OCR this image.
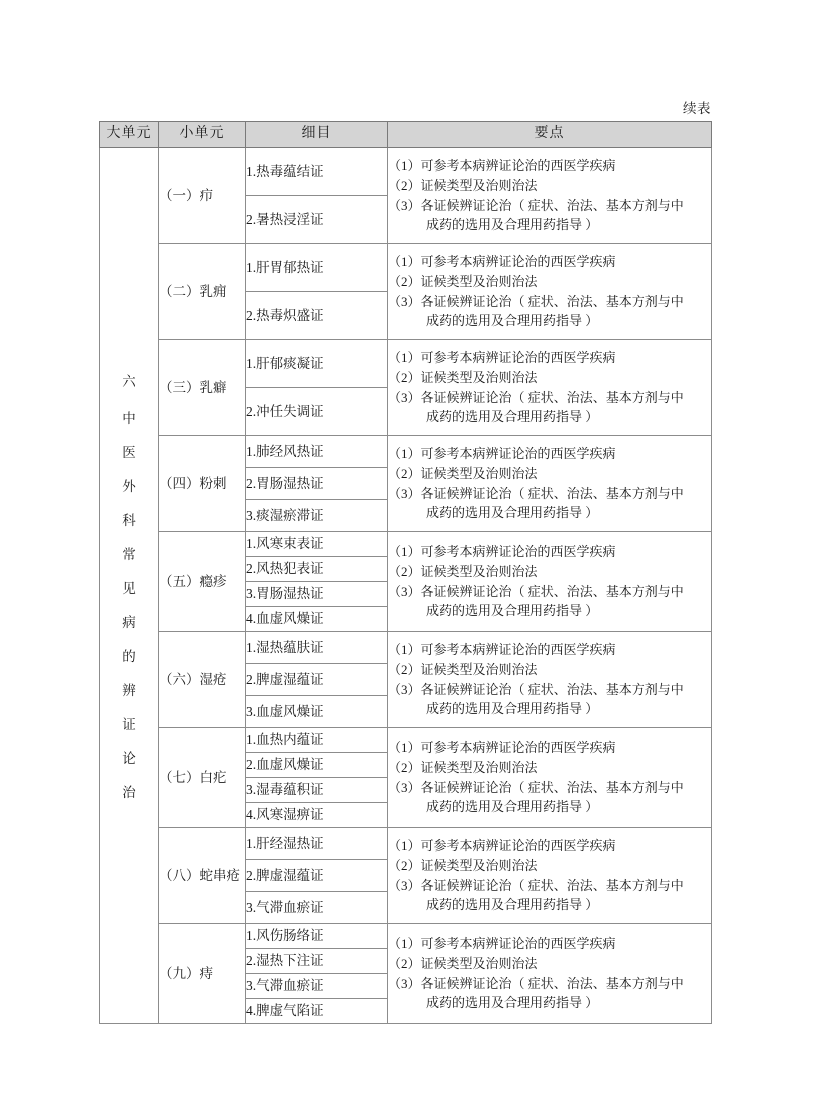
续表
大单元	小单元	细目	要点

六
中
医
外
科
常
见
病
的
辨
证
论
治
	（一）疖	1.热毒蕴结证	（1）可参考本病辨证论治的西医学疾病
（2）证候类型及治则治法
（3）各证候辨证论治（ 症状、治法、基本方剂与中
成药的选用及合理用药指导 ）

		2.暑热浸淫证	
	（二）乳痈	1.肝胃郁热证	（1）可参考本病辨证论治的西医学疾病
（2）证候类型及治则治法
（3）各证候辨证论治（ 症状、治法、基本方剂与中
成药的选用及合理用药指导 ）

		2.热毒炽盛证	
	（三）乳癖	1.肝郁痰凝证	（1）可参考本病辨证论治的西医学疾病
（2）证候类型及治则治法
（3）各证候辨证论治（ 症状、治法、基本方剂与中
成药的选用及合理用药指导 ）

		2.冲任失调证	
	（四）粉刺	1.肺经风热证	（1）可参考本病辨证论治的西医学疾病
（2）证候类型及治则治法
（3）各证候辨证论治（ 症状、治法、基本方剂与中
成药的选用及合理用药指导 ）

		2.胃肠湿热证	
		3.痰湿瘀滞证	
	（五）瘾疹	1.风寒束表证	（1）可参考本病辨证论治的西医学疾病
（2）证候类型及治则治法
（3）各证候辨证论治（ 症状、治法、基本方剂与中
成药的选用及合理用药指导 ）

		2.风热犯表证	
		3.胃肠湿热证	
		4.血虚风燥证	
	（六）湿疮	1.湿热蕴肤证	（1）可参考本病辨证论治的西医学疾病
（2）证候类型及治则治法
（3）各证候辨证论治（ 症状、治法、基本方剂与中
成药的选用及合理用药指导 ）

		2.脾虚湿蕴证	
		3.血虚风燥证	
	（七）白疕	1.血热内蕴证	（1）可参考本病辨证论治的西医学疾病
（2）证候类型及治则治法
（3）各证候辨证论治（ 症状、治法、基本方剂与中
成药的选用及合理用药指导 ）

		2.血虚风燥证	
		3.湿毒蕴积证	
		4.风寒湿痹证	
	（八）蛇串疮	1.肝经湿热证	（1）可参考本病辨证论治的西医学疾病
（2）证候类型及治则治法
（3）各证候辨证论治（ 症状、治法、基本方剂与中
成药的选用及合理用药指导 ）

		2.脾虚湿蕴证	
		3.气滞血瘀证	
	（九）痔	1.风伤肠络证	（1）可参考本病辨证论治的西医学疾病
（2）证候类型及治则治法
（3）各证候辨证论治（ 症状、治法、基本方剂与中
成药的选用及合理用药指导 ）

		2.湿热下注证	
		3.气滞血瘀证	
		4.脾虚气陷证	
